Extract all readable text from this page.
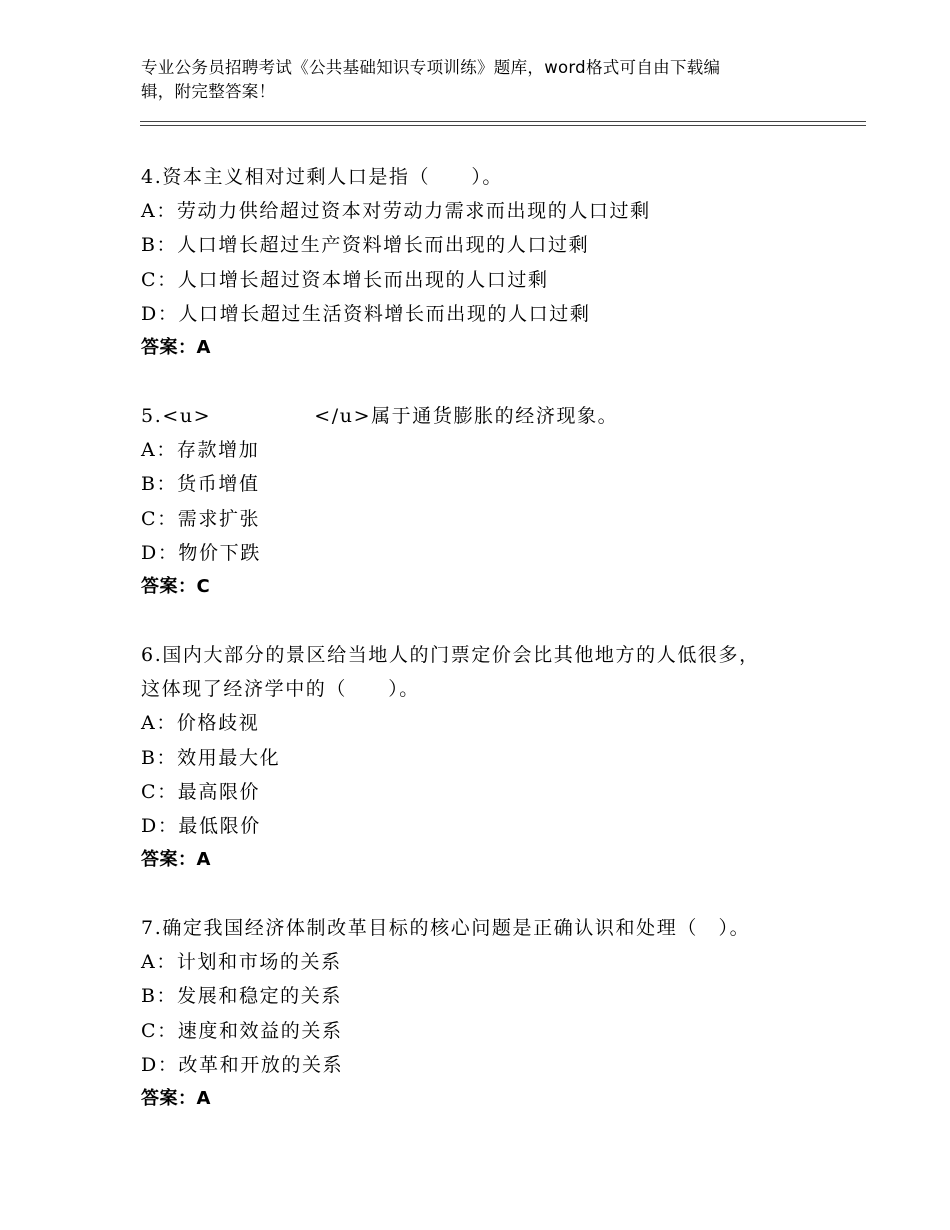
专业公务员招聘考试《公共基础知识专项训练》题库，word格式可自由下载编
辑，附完整答案！
4.资本主义相对过剩人口是指（　　）。
A：劳动力供给超过资本对劳动力需求而出现的人口过剩
B：人口增长超过生产资料增长而出现的人口过剩
C：人口增长超过资本增长而出现的人口过剩
D：人口增长超过生活资料增长而出现的人口过剩
答案：A
5.<u>　　　　　</u>属于通货膨胀的经济现象。
A：存款增加
B：货币增值
C：需求扩张
D：物价下跌
答案：C
6.国内大部分的景区给当地人的门票定价会比其他地方的人低很多，
这体现了经济学中的（　　）。
A：价格歧视
B：效用最大化
C：最高限价
D：最低限价
答案：A
7.确定我国经济体制改革目标的核心问题是正确认识和处理（　）。
A：计划和市场的关系
B：发展和稳定的关系
C：速度和效益的关系
D：改革和开放的关系
答案：A
